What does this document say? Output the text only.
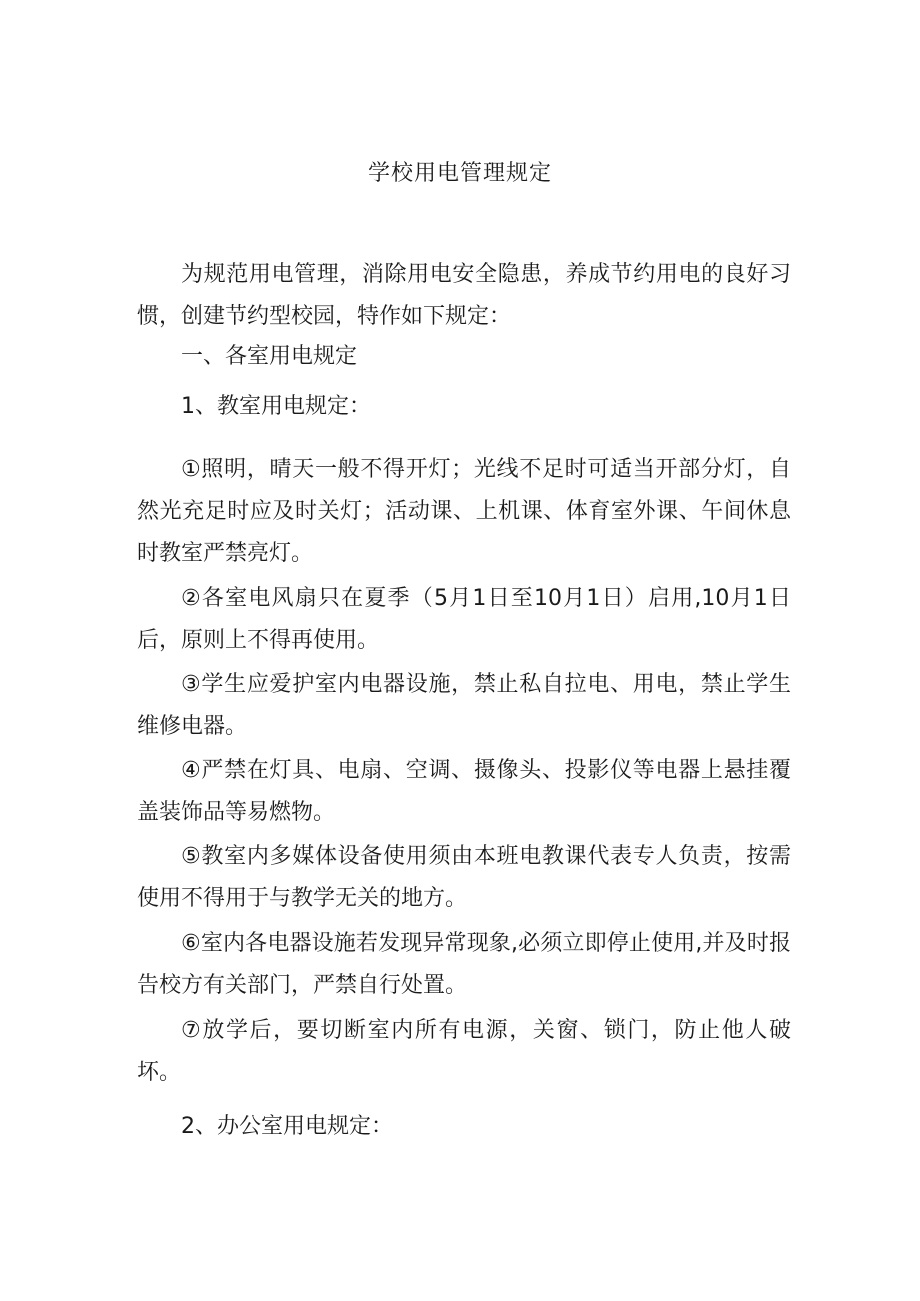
学校用电管理规定

为规范用电管理，消除用电安全隐患，养成节约用电的良好习惯，创建节约型校园，特作如下规定：

一、各室用电规定

1、教室用电规定：

①照明，晴天一般不得开灯；光线不足时可适当开部分灯，自然光充足时应及时关灯；活动课、上机课、体育室外课、午间休息时教室严禁亮灯。

②各室电风扇只在夏季（5月1日至10月1日）启用,10月1日后，原则上不得再使用。

③学生应爱护室内电器设施，禁止私自拉电、用电，禁止学生维修电器。

④严禁在灯具、电扇、空调、摄像头、投影仪等电器上悬挂覆盖装饰品等易燃物。

⑤教室内多媒体设备使用须由本班电教课代表专人负责，按需使用不得用于与教学无关的地方。

⑥室内各电器设施若发现异常现象,必须立即停止使用,并及时报告校方有关部门，严禁自行处置。

⑦放学后，要切断室内所有电源，关窗、锁门，防止他人破坏。

2、办公室用电规定：
